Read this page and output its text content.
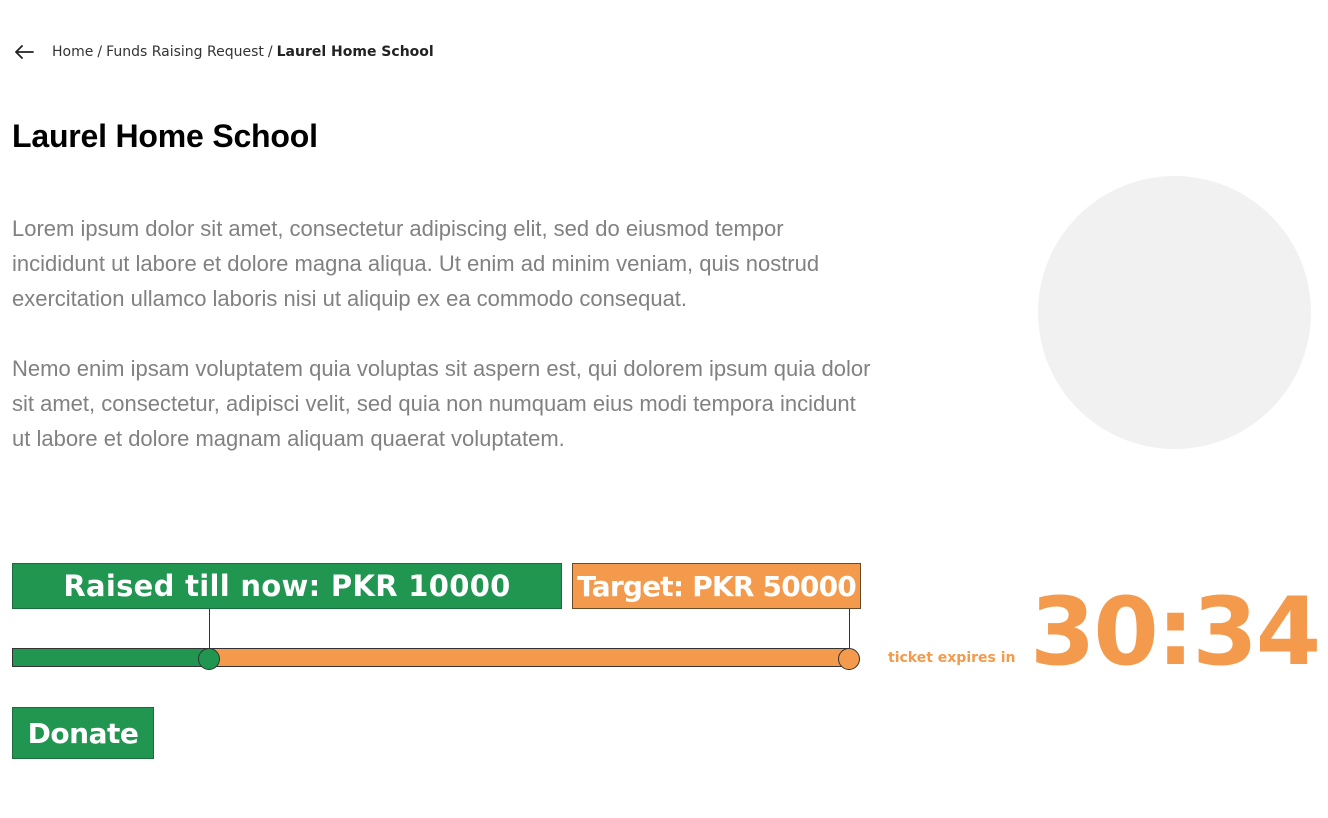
Home / Funds Raising Request / Laurel Home School
Laurel Home School

Lorem ipsum dolor sit amet, consectetur adipiscing elit, sed do eiusmod tempor incididunt ut labore et dolore magna aliqua. Ut enim ad minim veniam, quis nostrud exercitation ullamco laboris nisi ut aliquip ex ea commodo consequat.

Nemo enim ipsam voluptatem quia voluptas sit aspern est, qui dolorem ipsum quia dolor sit amet, consectetur, adipisci velit, sed quia non numquam eius modi tempora incidunt ut labore et dolore magnam aliquam quaerat voluptatem.

Raised till now: PKR 10000	Target: PKR 50000
ticket expires in 30:34
Donate
